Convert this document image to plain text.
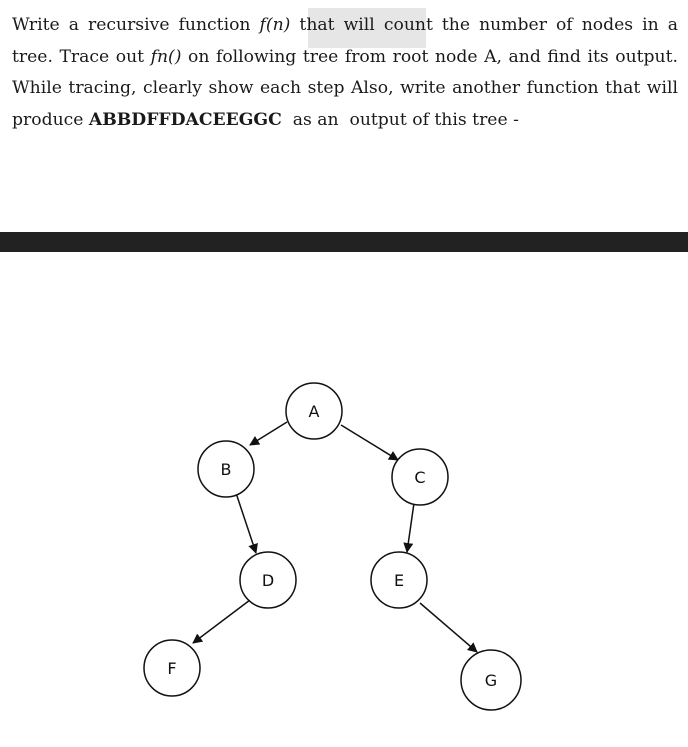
Write a recursive function f(n) that will count the number of nodes in a
tree. Trace out fn() on following tree from root node A, and find its output.
While tracing, clearly show each step Also, write another function that will
produce ABBDFFDACEEGGC  as an  output of this tree -
A
B	C
D	E
F
G
